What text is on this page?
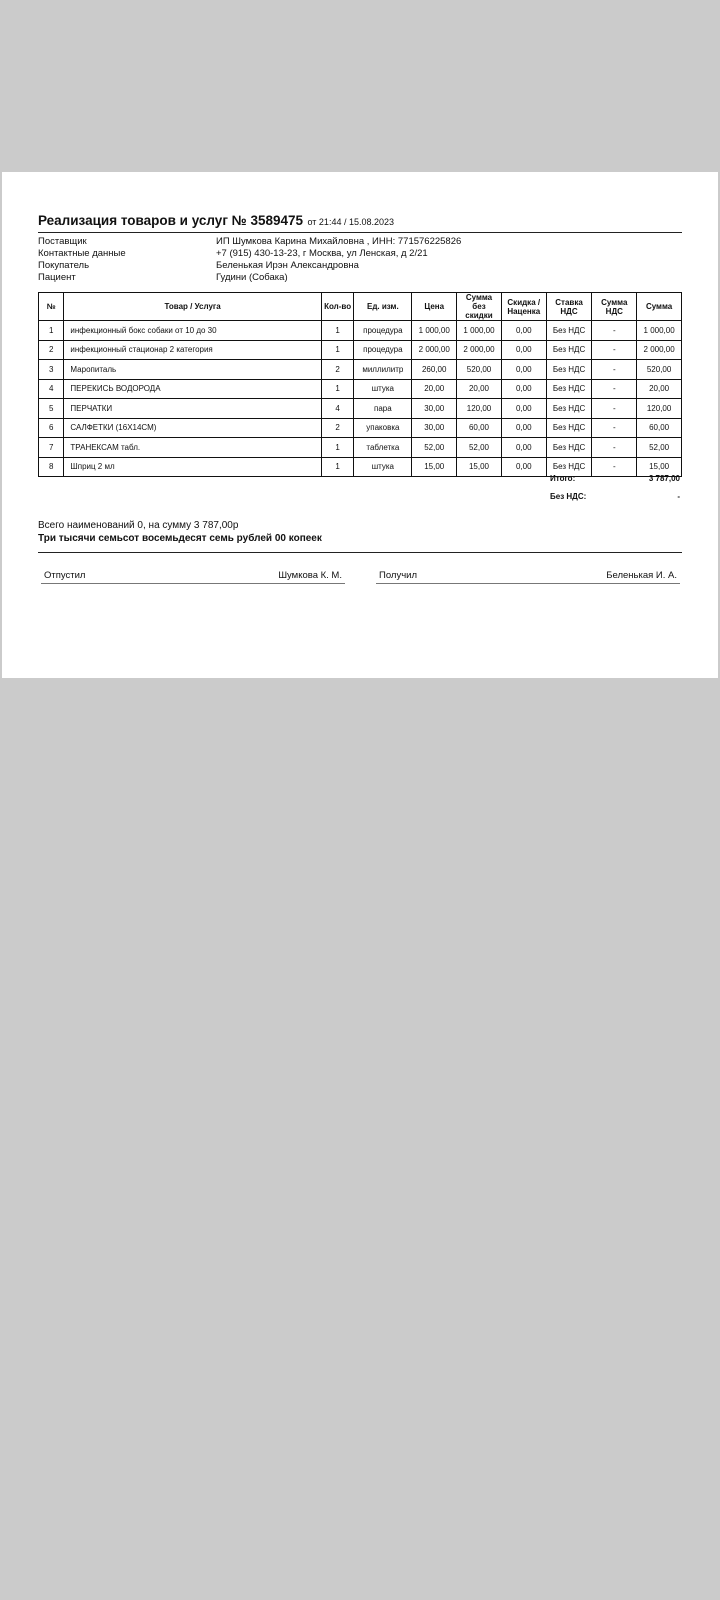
Реализация товаров и услуг № 3589475 от 21:44 / 15.08.2023
Поставщик	ИП Шумкова Карина Михайловна , ИНН: 771576225826
Контактные данные	+7 (915) 430-13-23, г Москва, ул Ленская, д 2/21
Покупатель	Беленькая Ирэн Александровна
Пациент	Гудини (Собака)
№	Товар / Услуга	Кол-во	Ед. изм.	Цена	Сумма без скидки	Скидка / Наценка	Ставка НДС	Сумма НДС	Сумма
1	инфекционный бокс собаки от 10 до 30	1	процедура	1 000,00	1 000,00	0,00	Без НДС	-	1 000,00
2	инфекционный стационар 2 категория	1	процедура	2 000,00	2 000,00	0,00	Без НДС	-	2 000,00
3	Маропиталь	2	миллилитр	260,00	520,00	0,00	Без НДС	-	520,00
4	ПЕРЕКИСЬ ВОДОРОДА	1	штука	20,00	20,00	0,00	Без НДС	-	20,00
5	ПЕРЧАТКИ	4	пара	30,00	120,00	0,00	Без НДС	-	120,00
6	САЛФЕТКИ (16Х14СМ)	2	упаковка	30,00	60,00	0,00	Без НДС	-	60,00
7	ТРАНЕКСАМ табл.	1	таблетка	52,00	52,00	0,00	Без НДС	-	52,00
8	Шприц 2 мл	1	штука	15,00	15,00	0,00	Без НДС	-	15,00
Итого:	3 787,00
Без НДС:	-
Всего наименований 0, на сумму 3 787,00р
Три тысячи семьсот восемьдесят семь рублей 00 копеек
Отпустил	Шумкова К. М.	Получил	Беленькая И. А.
